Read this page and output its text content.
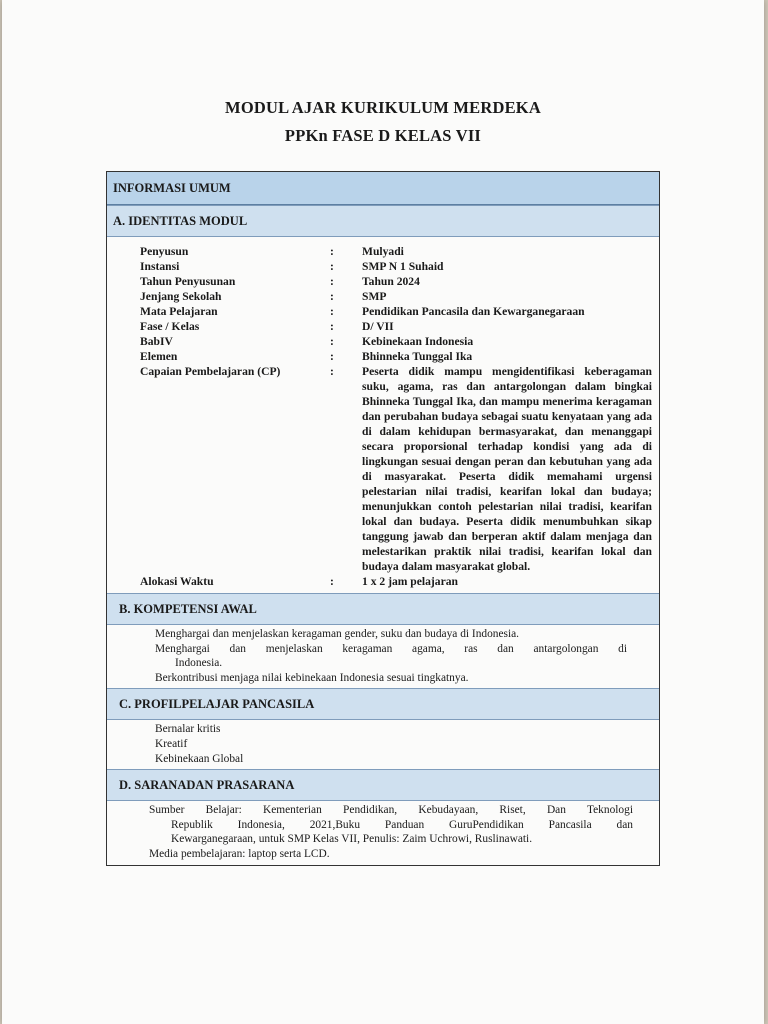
MODUL AJAR KURIKULUM MERDEKA
PPKn FASE D KELAS VII
INFORMASI UMUM
A. IDENTITAS MODUL
Penyusun	:	Mulyadi
Instansi	:	SMP N 1 Suhaid
Tahun Penyusunan	:	Tahun 2024
Jenjang Sekolah	:	SMP
Mata Pelajaran	:	Pendidikan Pancasila dan Kewarganegaraan
Fase / Kelas	:	D/ VII
BabIV	:	Kebinekaan Indonesia
Elemen	:	Bhinneka Tunggal Ika
Capaian Pembelajaran (CP)	:	Peserta didik mampu mengidentifikasi keberagaman suku, agama, ras dan antargolongan dalam bingkai Bhinneka Tunggal Ika, dan mampu menerima keragaman dan perubahan budaya sebagai suatu kenyataan yang ada di dalam kehidupan bermasyarakat, dan menanggapi secara proporsional terhadap kondisi yang ada di lingkungan sesuai dengan peran dan kebutuhan yang ada di masyarakat. Peserta didik memahami urgensi pelestarian nilai tradisi, kearifan lokal dan budaya; menunjukkan contoh pelestarian nilai tradisi, kearifan lokal dan budaya. Peserta didik menumbuhkan sikap tanggung jawab dan berperan aktif dalam menjaga dan melestarikan praktik nilai tradisi, kearifan lokal dan budaya dalam masyarakat global.
Alokasi Waktu	:	1 x 2 jam pelajaran
B. KOMPETENSI AWAL
Menghargai dan menjelaskan keragaman gender, suku dan budaya di Indonesia.
Menghargai dan menjelaskan keragaman agama, ras dan antargolongan di
Indonesia.
Berkontribusi menjaga nilai kebinekaan Indonesia sesuai tingkatnya.
C. PROFILPELAJAR PANCASILA
Bernalar kritis
Kreatif
Kebinekaan Global
D. SARANADAN PRASARANA
Sumber Belajar: Kementerian Pendidikan, Kebudayaan, Riset, Dan Teknologi
Republik Indonesia, 2021,Buku Panduan GuruPendidikan Pancasila dan
Kewarganegaraan, untuk SMP Kelas VII, Penulis: Zaim Uchrowi, Ruslinawati.
Media pembelajaran: laptop serta LCD.
